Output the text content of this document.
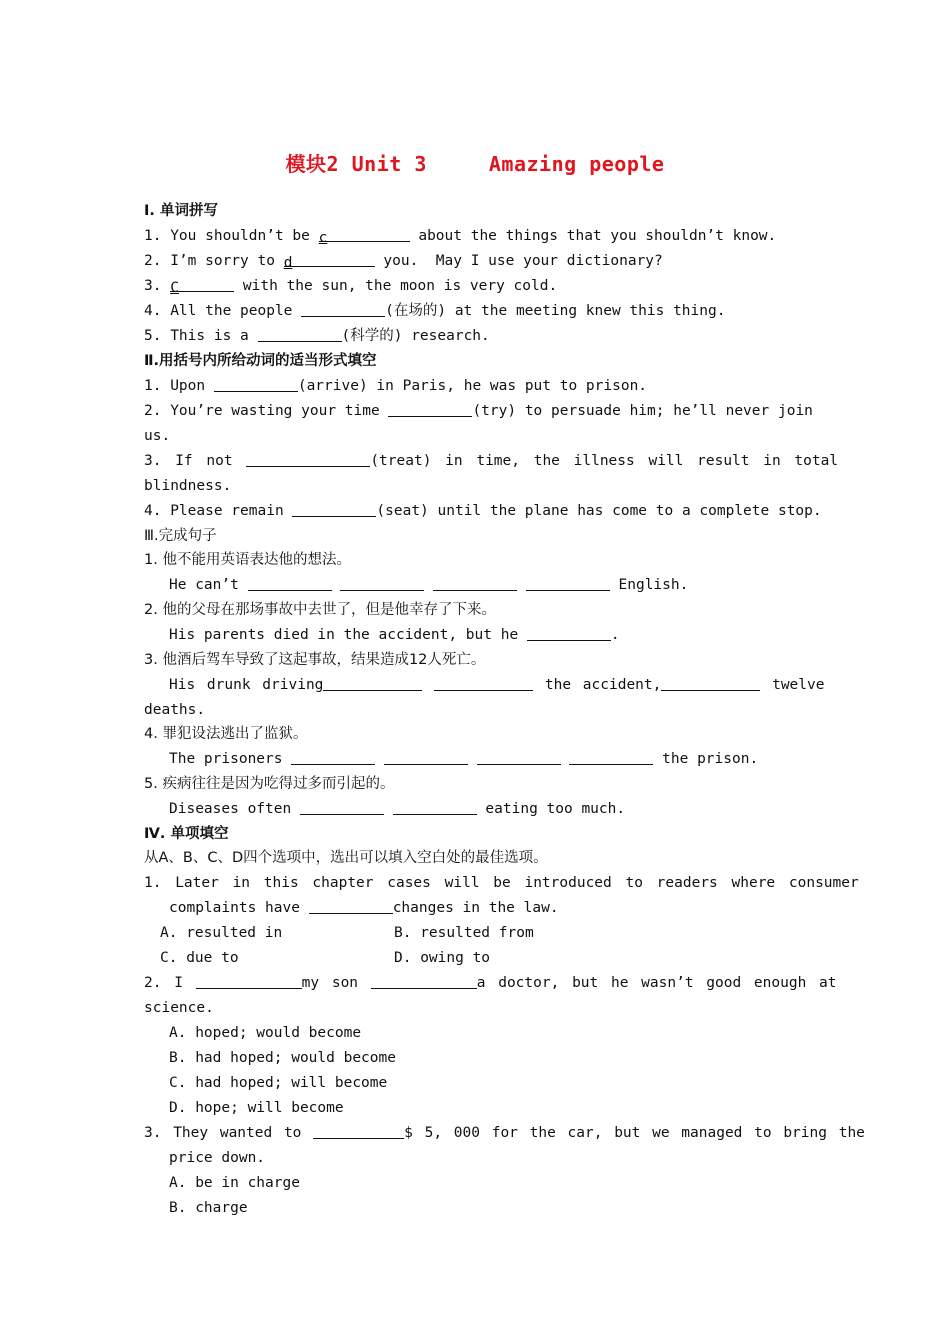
模块2 Unit 3	Amazing people
Ⅰ. 单词拼写
1. You shouldn’t be c	about the things that you shouldn’t know.
2. I’m sorry to d	you.  May I use your dictionary?
3. C	with the sun, the moon is very cold.
4. All the people	(在场的) at the meeting knew this thing.
5. This is a	(科学的) research.
Ⅱ.用括号内所给动词的适当形式填空
1. Upon	(arrive) in Paris, he was put to prison.
2. You’re wasting your time	(try) to persuade him; he’ll never join
us.
3. If not	(treat) in time, the illness will result in total
blindness.
4. Please remain	(seat) until the plane has come to a complete stop.
Ⅲ.完成句子
1. 他不能用英语表达他的想法。
He can’t	English.
2. 他的父母在那场事故中去世了，但是他幸存了下来。
His parents died in the accident, but he	.
3. 他酒后驾车导致了这起事故，结果造成12人死亡。
His drunk driving	the accident,	twelve
deaths.
4. 罪犯设法逃出了监狱。
The prisoners	the prison.
5. 疾病往往是因为吃得过多而引起的。
Diseases often	eating too much.
Ⅳ. 单项填空
从A、B、C、D四个选项中，选出可以填入空白处的最佳选项。
1. Later in this chapter cases will be introduced to readers where consumer
complaints have	changes in the law.
A. resulted in	B. resulted from
C. due to	D. owing to
2. I	my son	a doctor, but he wasn’t good enough at
science.
A. hoped; would become
B. had hoped; would become
C. had hoped; will become
D. hope; will become
3. They wanted to	$ 5, 000 for the car, but we managed to bring the
price down.
A. be in charge
B. charge
